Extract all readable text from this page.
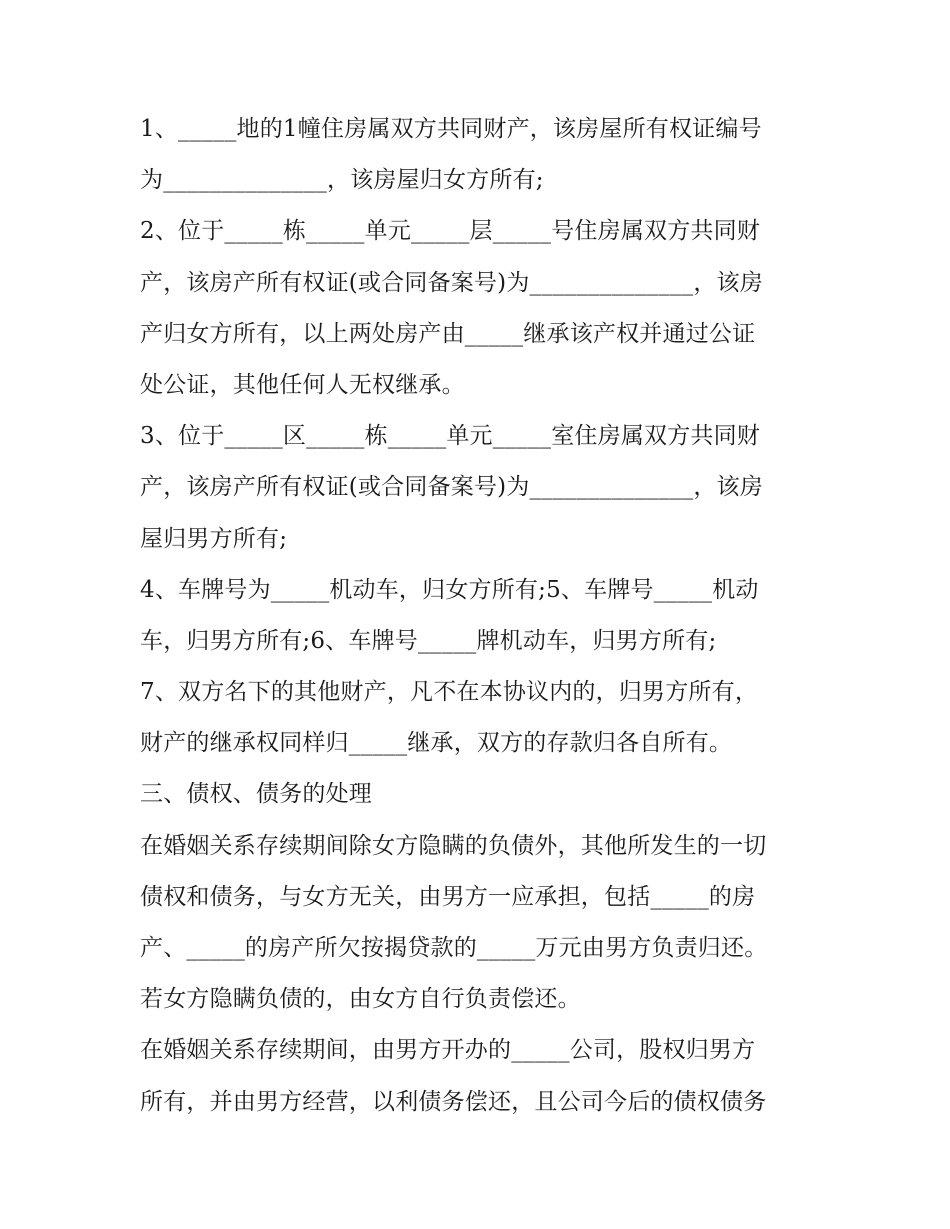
1、_____地的1幢住房属双方共同财产，该房屋所有权证编号
为______________，该房屋归女方所有;
2、位于_____栋_____单元_____层_____号住房属双方共同财
产，该房产所有权证(或合同备案号)为______________，该房
产归女方所有，以上两处房产由_____继承该产权并通过公证
处公证，其他任何人无权继承。
3、位于_____区_____栋_____单元_____室住房属双方共同财
产，该房产所有权证(或合同备案号)为______________，该房
屋归男方所有;
4、车牌号为_____机动车，归女方所有;5、车牌号_____机动
车，归男方所有;6、车牌号_____牌机动车，归男方所有;
7、双方名下的其他财产，凡不在本协议内的，归男方所有，
财产的继承权同样归_____继承，双方的存款归各自所有。
三、债权、债务的处理
在婚姻关系存续期间除女方隐瞒的负债外，其他所发生的一切
债权和债务，与女方无关，由男方一应承担，包括_____的房
产、_____的房产所欠按揭贷款的_____万元由男方负责归还。
若女方隐瞒负债的，由女方自行负责偿还。
在婚姻关系存续期间，由男方开办的_____公司，股权归男方
所有，并由男方经营，以利债务偿还，且公司今后的债权债务
